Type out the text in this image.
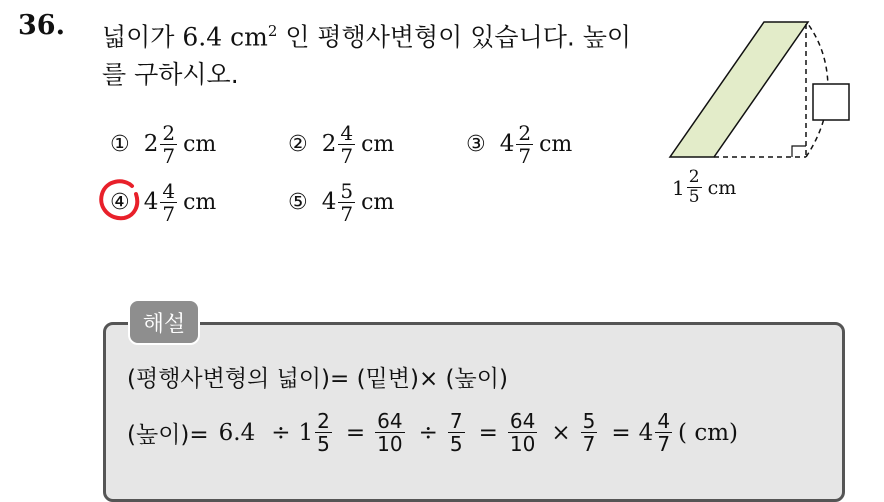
36. 넓이가 6.4 $cm^2$ 인 평행사변형이 있습니다. 높이
를 구하시오.
① $2 \frac{2}{7}$ cm	② $2 \frac{4}{7}$ cm	③ $4 \frac{2}{7}$ cm
④ $4 \frac{4}{7}$ cm	⑤ $4 \frac{5}{7}$ cm
$1 \frac{2}{5}$ cm
해설
(평행사변형의 넓이)= (밑변)× (높이)
(높이)= $6.4 \div 1 \frac{2}{5} = \frac{64}{10} \div \frac{7}{5} = \frac{64}{10} \times \frac{5}{7} = 4 \frac{4}{7}$ ( cm)
